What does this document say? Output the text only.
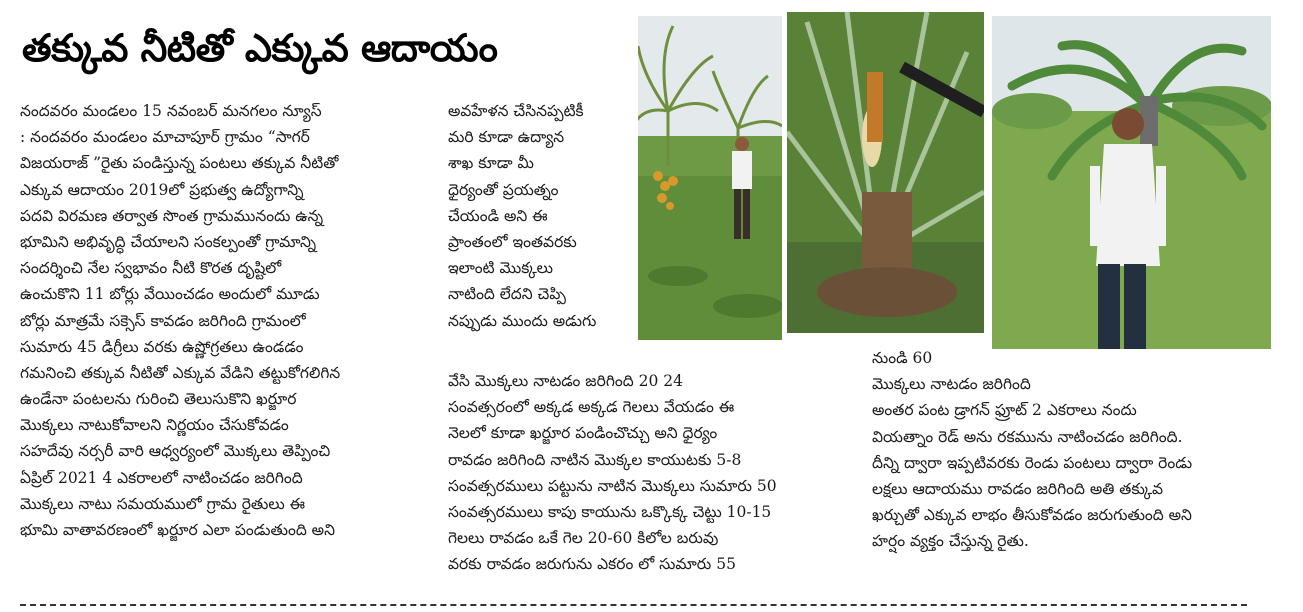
తక్కువ నీటితో ఎక్కువ ఆదాయం
నందవరం మండలం 15 నవంబర్ మనగలం న్యూస్
: నందవరం మండలం మాచాపూర్ గ్రామం “సాగర్
విజయరాజ్ ”రైతు పండిస్తున్న పంటలు తక్కువ నీటితో
ఎక్కువ ఆదాయం 2019లో ప్రభుత్వ ఉద్యోగాన్ని
పదవి విరమణ తర్వాత సొంత గ్రామమునందు ఉన్న
భూమిని అభివృద్ధి చేయాలని సంకల్పంతో గ్రామాన్ని
సందర్శించి నేల స్వభావం నీటి కొరత దృష్టిలో
ఉంచుకొని 11 బోర్లు వేయించడం అందులో మూడు
బోర్లు మాత్రమే సక్సెస్ కావడం జరిగింది గ్రామంలో
సుమారు 45 డిగ్రీలు వరకు ఉష్ణోగ్రతలు ఉండడం
గమనించి తక్కువ నీటితో ఎక్కువ వేడిని తట్టుకోగలిగిన
ఉండేనా పంటలను గురించి తెలుసుకొని ఖర్జూర
మొక్కలు నాటుకోవాలని నిర్ణయం చేసుకోవడం
సహదేవు నర్సరీ వారి ఆధ్వర్యంలో మొక్కలు తెప్పించి
ఏప్రిల్ 2021 4 ఎకరాలలో నాటించడం జరిగింది
మొక్కలు నాటు సమయములో గ్రామ రైతులు ఈ
భూమి వాతావరణంలో ఖర్జూర ఎలా పండుతుంది అని
అవహేళన చేసినప్పటికీ
మరి కూడా ఉద్యాన
శాఖ కూడా మీ
ధైర్యంతో ప్రయత్నం
చేయండి అని ఈ
ప్రాంతంలో ఇంతవరకు
ఇలాంటి మొక్కలు
నాటింది లేదని చెప్పి
నప్పుడు ముందు అడుగు
వేసి మొక్కలు నాటడం జరిగింది 20 24
సంవత్సరంలో అక్కడ అక్కడ గెలలు వేయడం ఈ
నెలలో కూడా ఖర్జూర పండించొచ్చు అని ధైర్యం
రావడం జరిగింది నాటిన మొక్కల కాయుటకు 5-8
సంవత్సరములు పట్టును నాటిన మొక్కలు సుమారు 50
సంవత్సరములు కాపు కాయును ఒక్కొక్క చెట్టు 10-15
గెలలు రావడం ఒకే గెల 20-60 కిలోల బరువు
వరకు రావడం జరుగును ఎకరం లో సుమారు 55
నుండి 60
మొక్కలు నాటడం జరిగింది
అంతర పంట డ్రాగన్ ఫ్రూట్ 2 ఎకరాలు నందు
వియత్నాం రెడ్ అను రకమును నాటించడం జరిగింది.
దీన్ని ద్వారా ఇప్పటివరకు రెండు పంటలు ద్వారా రెండు
లక్షలు ఆదాయము రావడం జరిగింది అతి తక్కువ
ఖర్చుతో ఎక్కువ లాభం తీసుకోవడం జరుగుతుంది అని
హర్షం వ్యక్తం చేస్తున్న రైతు.
